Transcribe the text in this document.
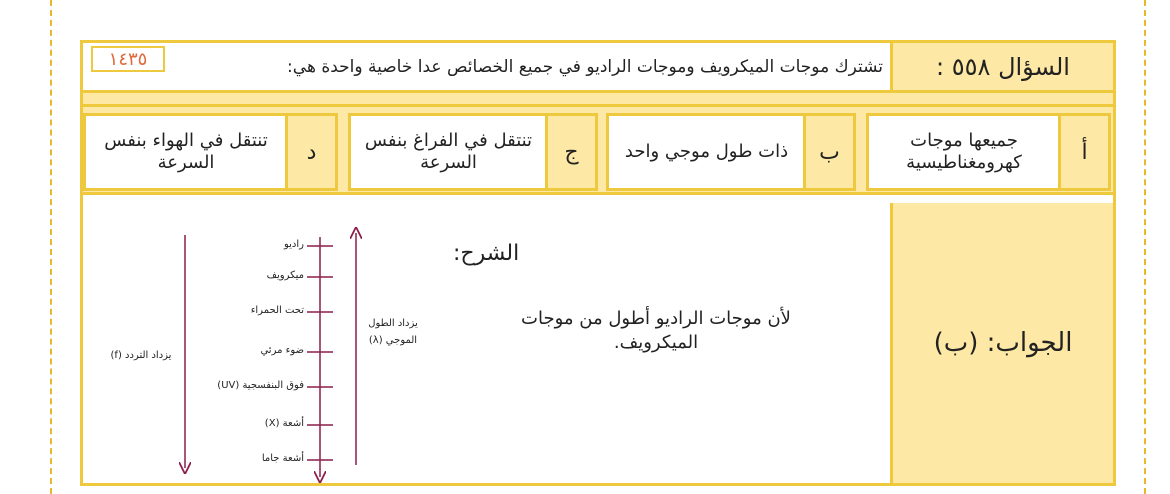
السؤال ٥٥٨ :
تشترك موجات الميكرويف وموجات الراديو في جميع الخصائص عدا خاصية واحدة هي:
١٤٣٥
أ
جميعها موجات كهرومغناطيسية
ب
ذات طول موجي واحد
ج
تنتقل في الفراغ بنفس السرعة
د
تنتقل في الهواء بنفس السرعة
الجواب: (ب)
الشرح:
لأن موجات الراديو أطول من موجات الميكرويف.
راديو
ميكرويف
تحت الحمراء
ضوء مرئي
فوق البنفسجية (UV)
أشعة (X)
أشعة جاما
يزداد الطول
الموجي (λ)
يزداد التردد (f)
